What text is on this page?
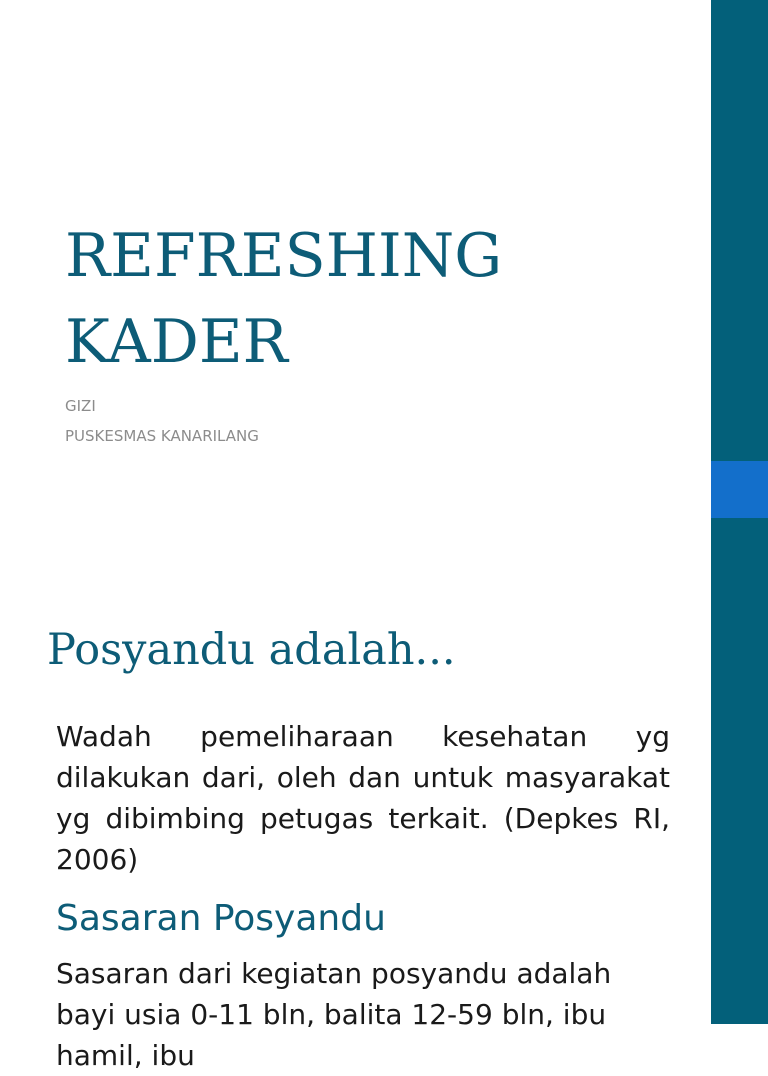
REFRESHING
KADER
GIZI
PUSKESMAS KANARILANG
Posyandu adalah...

Wadah pemeliharaan kesehatan yg dilakukan dari, oleh dan untuk masyarakat yg dibimbing petugas terkait. (Depkes RI, 2006)

Sasaran Posyandu

Sasaran dari kegiatan posyandu adalah bayi usia 0-11 bln, balita 12-59 bln, ibu hamil, ibu
